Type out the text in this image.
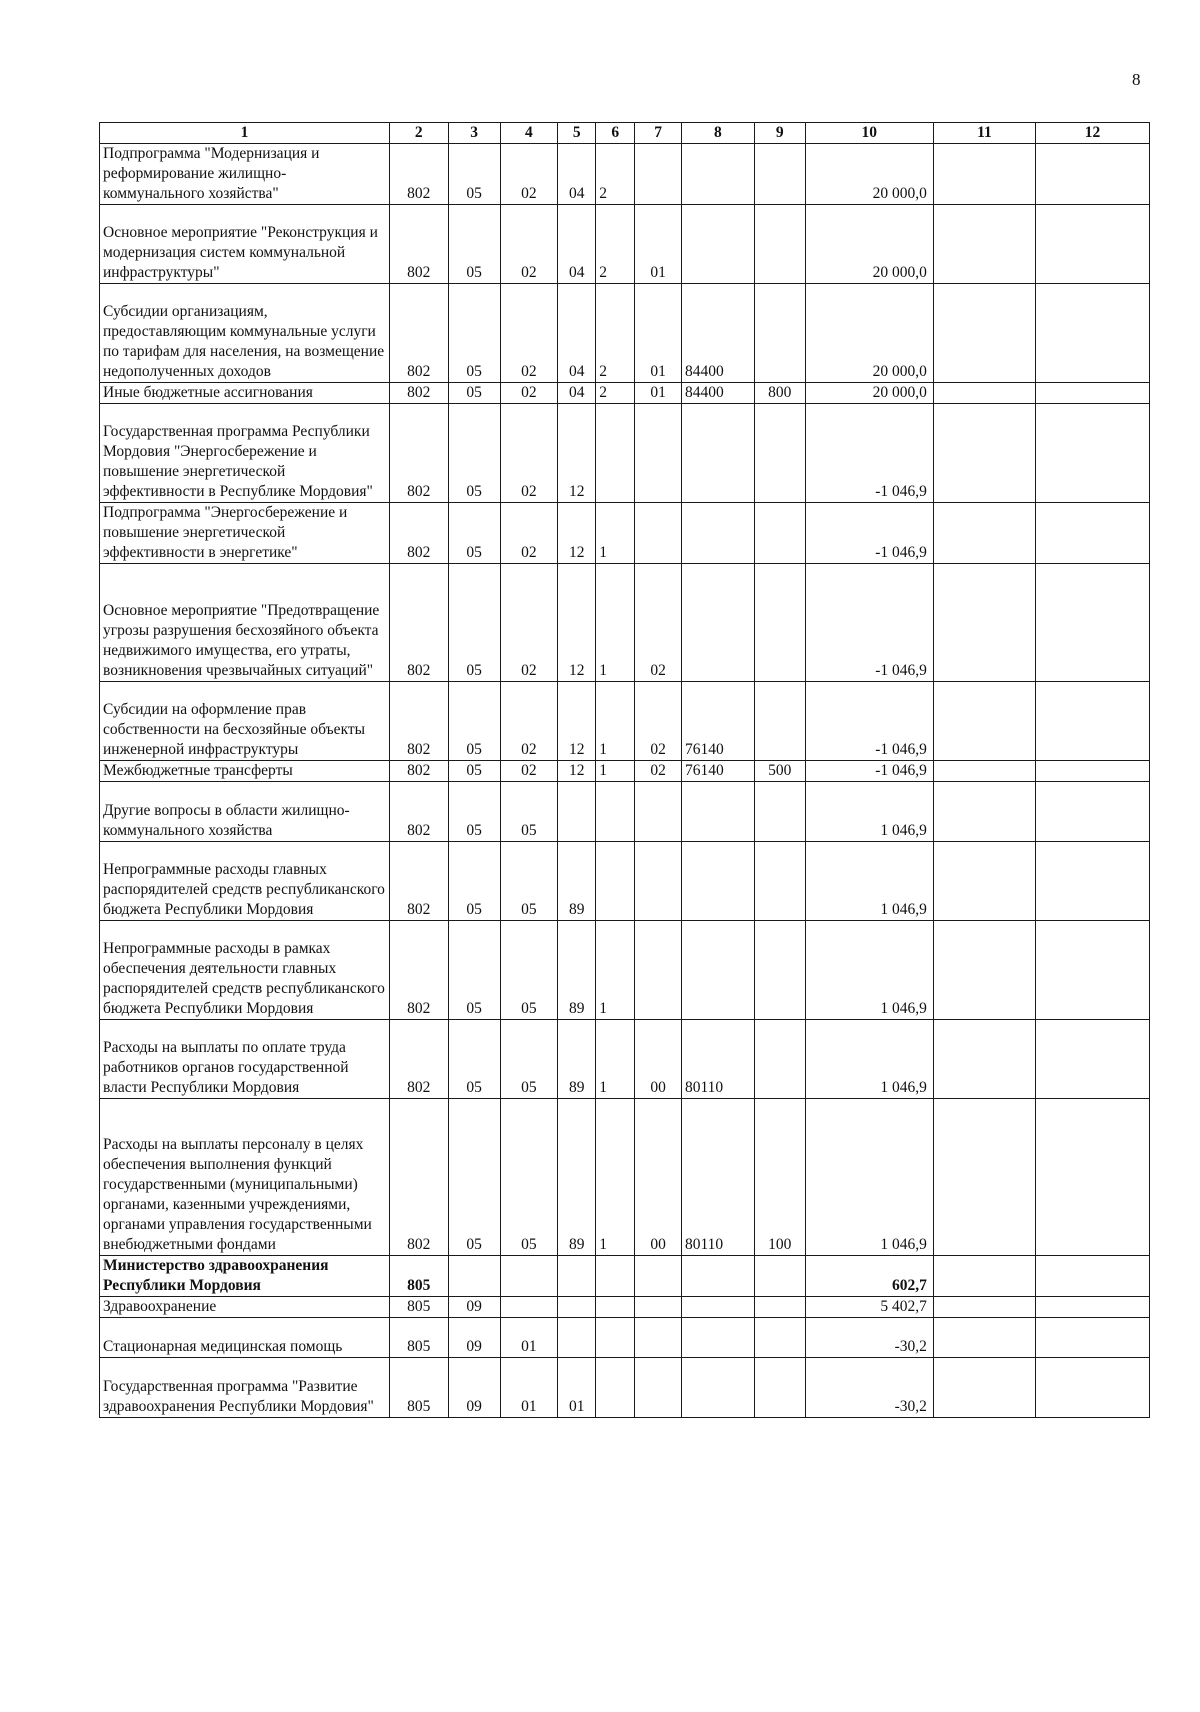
8
1	2	3	4	5	6	7	8	9	10	11	12
Подпрограмма "Модернизация и реформирование жилищно-коммунального хозяйства"	802	05	02	04	2				20 000,0		
Основное мероприятие "Реконструкция и модернизация систем коммунальной инфраструктуры"	802	05	02	04	2	01			20 000,0		
Субсидии организациям, предоставляющим коммунальные услуги по тарифам для населения, на возмещение недополученных доходов	802	05	02	04	2	01	84400		20 000,0		
Иные бюджетные ассигнования	802	05	02	04	2	01	84400	800	20 000,0		
Государственная программа Республики Мордовия "Энергосбережение и повышение энергетической эффективности в Республике Мордовия"	802	05	02	12					-1 046,9		
Подпрограмма "Энергосбережение и повышение энергетической эффективности в энергетике"	802	05	02	12	1				-1 046,9		
Основное мероприятие "Предотвращение угрозы разрушения бесхозяйного объекта недвижимого имущества, его утраты, возникновения чрезвычайных ситуаций"	802	05	02	12	1	02			-1 046,9		
Субсидии на оформление прав собственности на бесхозяйные объекты инженерной инфраструктуры	802	05	02	12	1	02	76140		-1 046,9		
Межбюджетные трансферты	802	05	02	12	1	02	76140	500	-1 046,9		
Другие вопросы в области жилищно-коммунального хозяйства	802	05	05						1 046,9		
Непрограммные расходы главных распорядителей средств республиканского бюджета Республики Мордовия	802	05	05	89					1 046,9		
Непрограммные расходы в рамках обеспечения деятельности главных распорядителей средств республиканского бюджета Республики Мордовия	802	05	05	89	1				1 046,9		
Расходы на выплаты по оплате труда работников органов государственной власти Республики Мордовия	802	05	05	89	1	00	80110		1 046,9		
Расходы на выплаты персоналу в целях обеспечения выполнения функций государственными (муниципальными) органами, казенными учреждениями, органами управления государственными внебюджетными фондами	802	05	05	89	1	00	80110	100	1 046,9		
Министерство здравоохранения Республики Мордовия	805								602,7		
Здравоохранение	805	09							5 402,7		
Стационарная медицинская помощь	805	09	01						-30,2		
Государственная программа "Развитие здравоохранения Республики Мордовия"	805	09	01	01					-30,2		
